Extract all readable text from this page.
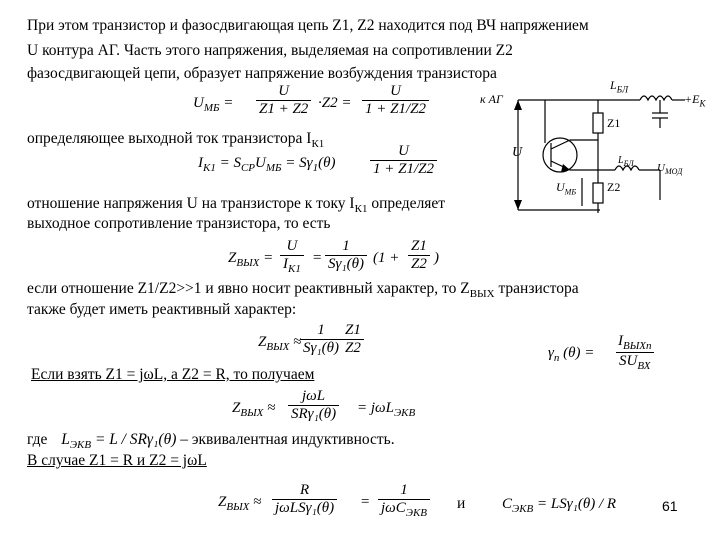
При этом транзистор и фазосдвигающая цепь Z1, Z2 находится под ВЧ напряжением
U контура АГ. Часть этого напряжения, выделяемая на сопротивлении Z2
фазосдвигающей цепи, образует напряжение возбуждения транзистора
$U_{МБ} = \frac{U}{Z1 + Z2} \cdot Z2 = \frac{U}{1 + Z1/Z2}$
определяющее выходной ток транзистора $I_{К1}$
$I_{K1} = S_{CP}U_{МБ} = S\gamma_1(\theta) \frac{U}{1 + Z1/Z2}$
отношение напряжения U на транзисторе к току $I_{К1}$ определяет
выходное сопротивление транзистора, то есть
$Z_{ВЫХ} = \frac{U}{I_{K1}} = \frac{1}{\text{Sγ₁(θ)}} (1 + \frac{Z1}{Z2}$ )
если отношение Z1/Z2>>1 и явно носит реактивный характер, то $Z_{ВЫХ}$ транзистора
также будет иметь реактивный характер:
$Z_{ВЫХ}$ ≈
$\frac{1}{\text{Sγ₁(θ)}} \frac{Z1}{Z2}$	$\gamma_n$ (θ) =
$I_{ВЫХn}$
$SU_{ВХ}$
Если взять Z1 = jωL, а Z2 = R, то получаем
$Z_{ВЫХ}$ ≈
jωL
SRγ₁(θ) = jωL$_{ЭКВ}$
где $L_{ЭКВ} = L / SR\gamma_1(\theta)$ – эквивалентная индуктивность.
В случае Z1 = R и Z2 = jωL
$Z_{ВЫХ}$ ≈
R
jωLSγ₁(θ) =
1
jωC$_{ЭКВ}$
и $C_{ЭКВ} = LS\gamma_1(\theta) / R$	61
$L_{БЛ}$
к АГ	$+E_К$
Z1
Z2
U
$L_{БЛ}$ $U_{МОД}$
$U_{МБ}$
